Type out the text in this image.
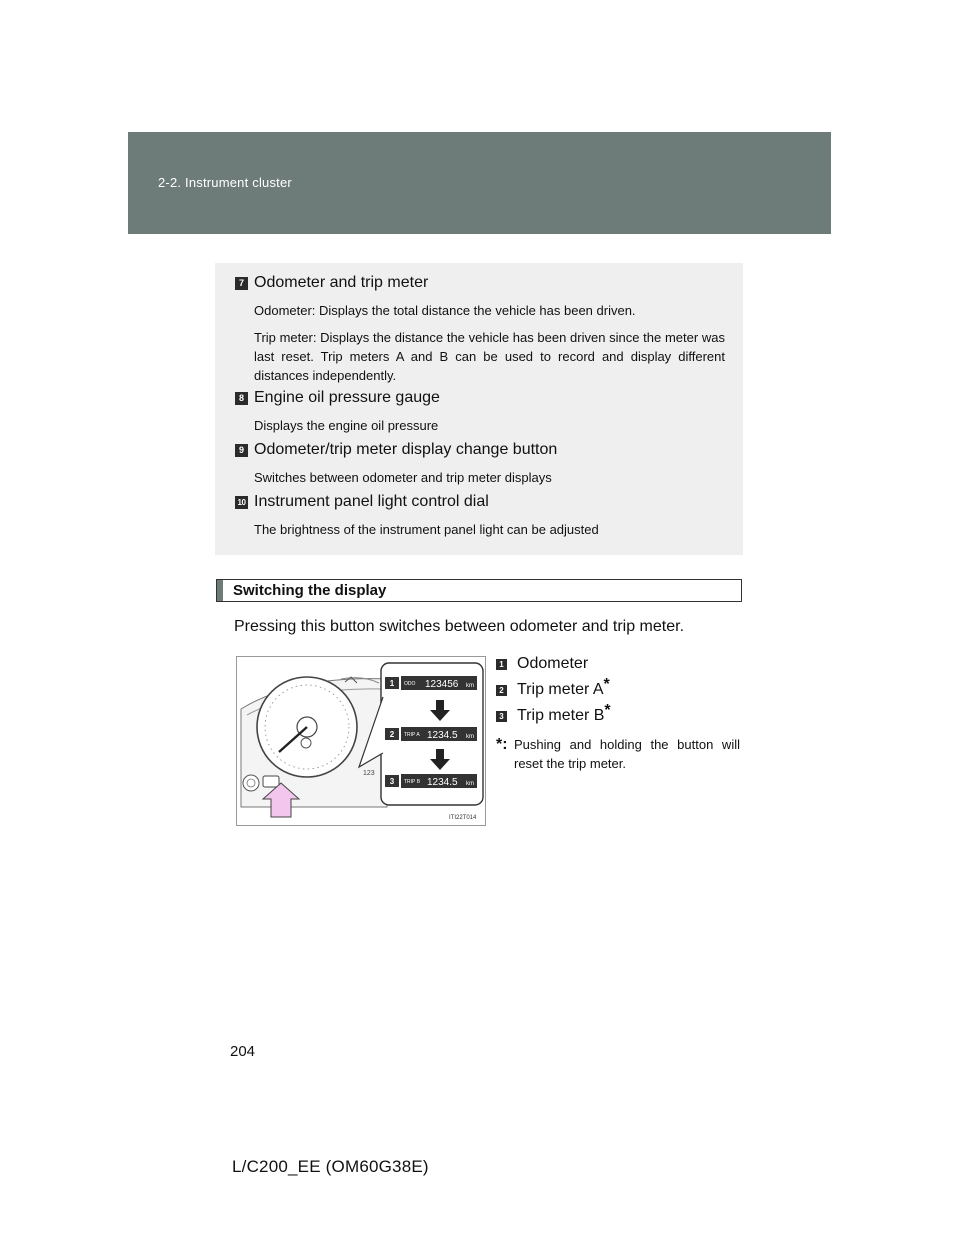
2-2. Instrument cluster
7 Odometer and trip meter
Odometer: Displays the total distance the vehicle has been driven.
Trip meter: Displays the distance the vehicle has been driven since the meter was last reset. Trip meters A and B can be used to record and display different distances independently.
8 Engine oil pressure gauge
Displays the engine oil pressure
9 Odometer/trip meter display change button
Switches between odometer and trip meter displays
10 Instrument panel light control dial
The brightness of the instrument panel light can be adjusted
Switching the display
Pressing this button switches between odometer and trip meter.
123
1 ODO 123456 km
2 TRIP A 1234.5 km
3 TRIP B 1234.5 km
ITI22T014
1 Odometer
2 Trip meter A*
3 Trip meter B*
*: Pushing and holding the button will reset the trip meter.
204
L/C200_EE (OM60G38E)
